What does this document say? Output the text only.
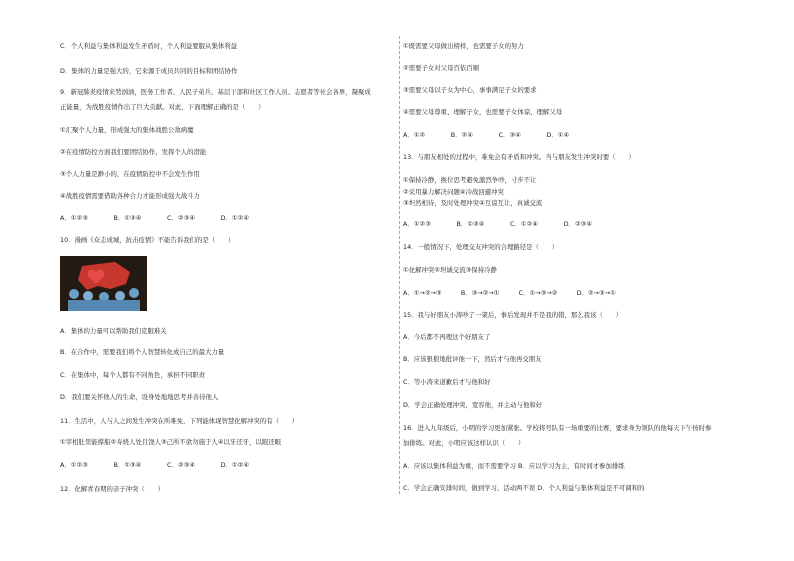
C．个人利益与集体利益发生矛盾时，个人利益要服从集体利益
D．集体的力量是强大的，它来源于成员共同的目标和团结协作
9．新冠肺炎疫情来势汹汹，医务工作者、人民子弟兵、基层干部和社区工作人员、志愿者等社会各界，凝聚成
正能量，为战胜疫情作出了巨大贡献。对此，下面理解正确的是（　　）
①汇聚个人力量，形成强大的集体战胜公敌病魔
②在疫情防控方面我们要团结协作，发挥个人的潜能
③个人力量是渺小的，在疫情防控中不会发生作用
④战胜疫情需要借助各种合力才能形成强大战斗力
A．①②③　　　　B．①③④　　　　C．②③④　　　　D．①②④
10．漫画《众志成城，抗击疫情》不能告诉我们的是（　　）
A．集体的力量可以帮助我们克服难关
B．在合作中，需要我们将个人智慧转化成自己的最大力量
C．在集体中，每个人都有不同角色，承担不同职责
D．我们要关怀他人的生命，设身处地地思考并善待他人
11．生活中，人与人之间发生冲突在所难免，下列能体现智慧化解冲突的有（　　）
①宰相肚里能撑船②寿烧人处且饶人③己所不欲勿施于人④以牙还牙，以眼还眼
A．①②③　　　　B．①③④　　　　C．②③④　　　　D．①②④
12．化解青春期的亲子冲突（　　）
①既需要父母做出榜样，也需要子女的努力
②需要子女对父母百依百顺
③需要父母以子女为中心，事事满足子女的要求
④需要父母尊重、理解子女，也需要子女体谅、理解父母
A．①②　　　　B．②④　　　　C．③④　　　　D．①④
13．与朋友相处的过程中，难免会有矛盾和冲突。当与朋友发生冲突时要（　　）
①保持冷静，换位思考避免激烈争吵，寸步不让
②采用暴力解决问题④冷战回避冲突
③坦然相待，及时处理冲突④互谅互让，真诚交流
A．①②③　　　　B．①③④　　　　C．①②④　　　　D．②③④
14．一般情况下，处理交友冲突的合理路径是（　　）
①化解冲突②坦诚交流③保持冷静
A．①→②→③　　　B．③→②→①　　　C．①→③→②　　　D．②→③→①
15．我与好朋友小涛吵了一架后，事后发现并不是我的错，那么我该（　　）
A．今后都不再理这个好朋友了
B．应该狠狠地批评他一下，然后才与他再交朋友
C．等小涛来道歉后才与他和好
D．学会正确处理冲突，宽容他，并主动与他和好
16．进入九年级后，小明的学习更加紧张。学校将号队有一场重要的比赛，要求身为领队的他每天下午按时参
加排练。对此，小明应该这样认识（　　）
A．应该以集体利益为重，而不需要学习 B．应以学习为主，有时间才参加排练
C．学会正确安排时间，做到学习、活动两不误 D．个人利益与集体利益是不可调和的
